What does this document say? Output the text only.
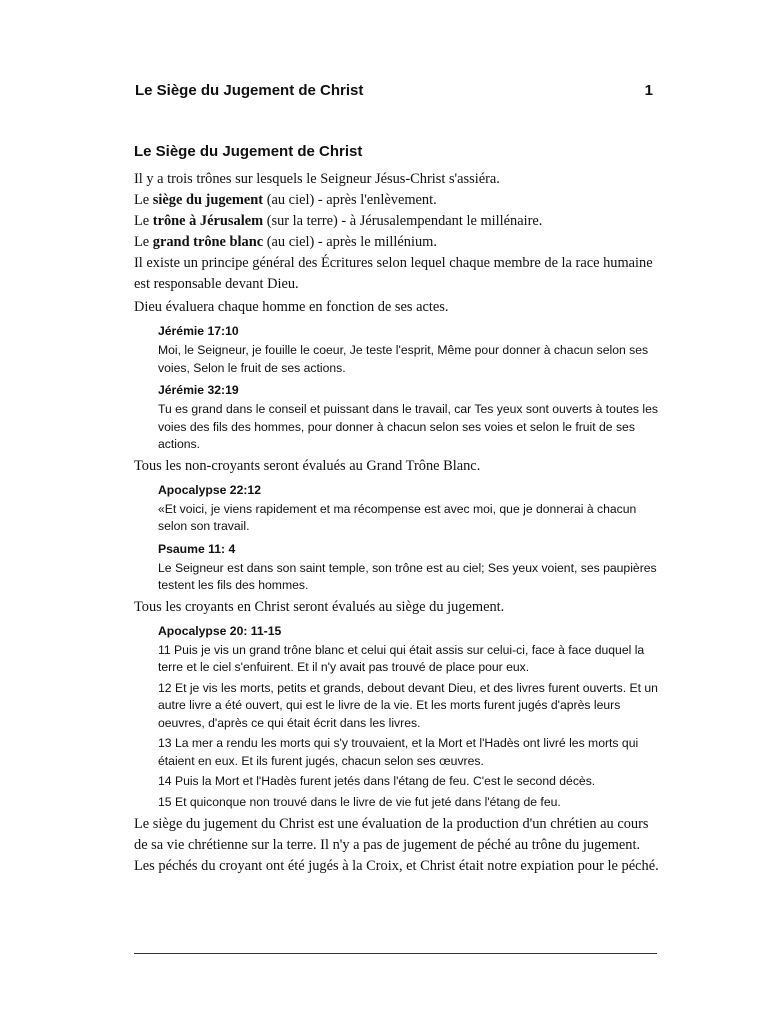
Le Siège du Jugement de Christ	1
Le Siège du Jugement de Christ

Il y a trois trônes sur lesquels le Seigneur Jésus-Christ s'assiéra.

Le siège du jugement (au ciel) - après l'enlèvement.

Le trône à Jérusalem (sur la terre) - à Jérusalempendant le millénaire.

Le grand trône blanc (au ciel) - après le millénium.

Il existe un principe général des Écritures selon lequel chaque membre de la race humaine est responsable devant Dieu.

Dieu évaluera chaque homme en fonction de ses actes.

Jérémie 17:10
Moi, le Seigneur, je fouille le coeur, Je teste l'esprit, Même pour donner à chacun selon ses voies, Selon le fruit de ses actions.
Jérémie 32:19
Tu es grand dans le conseil et puissant dans le travail, car Tes yeux sont ouverts à toutes les voies des fils des hommes, pour donner à chacun selon ses voies et selon le fruit de ses actions.

Tous les non-croyants seront évalués au Grand Trône Blanc.

Apocalypse 22:12
«Et voici, je viens rapidement et ma récompense est avec moi, que je donnerai à chacun selon son travail.
Psaume 11: 4
Le Seigneur est dans son saint temple, son trône est au ciel; Ses yeux voient, ses paupières testent les fils des hommes.

Tous les croyants en Christ seront évalués au siège du jugement.

Apocalypse 20: 11-15
11 Puis je vis un grand trône blanc et celui qui était assis sur celui-ci, face à face duquel la terre et le ciel s'enfuirent. Et il n'y avait pas trouvé de place pour eux.
12 Et je vis les morts, petits et grands, debout devant Dieu, et des livres furent ouverts. Et un autre livre a été ouvert, qui est le livre de la vie. Et les morts furent jugés d'après leurs oeuvres, d'après ce qui était écrit dans les livres.
13 La mer a rendu les morts qui s'y trouvaient, et la Mort et l'Hadès ont livré les morts qui étaient en eux. Et ils furent jugés, chacun selon ses œuvres.
14 Puis la Mort et l'Hadès furent jetés dans l'étang de feu. C'est le second décès.
15 Et quiconque non trouvé dans le livre de vie fut jeté dans l'étang de feu.

Le siège du jugement du Christ est une évaluation de la production d'un chrétien au cours de sa vie chrétienne sur la terre. Il n'y a pas de jugement de péché au trône du jugement. Les péchés du croyant ont été jugés à la Croix, et Christ était notre expiation pour le péché.
